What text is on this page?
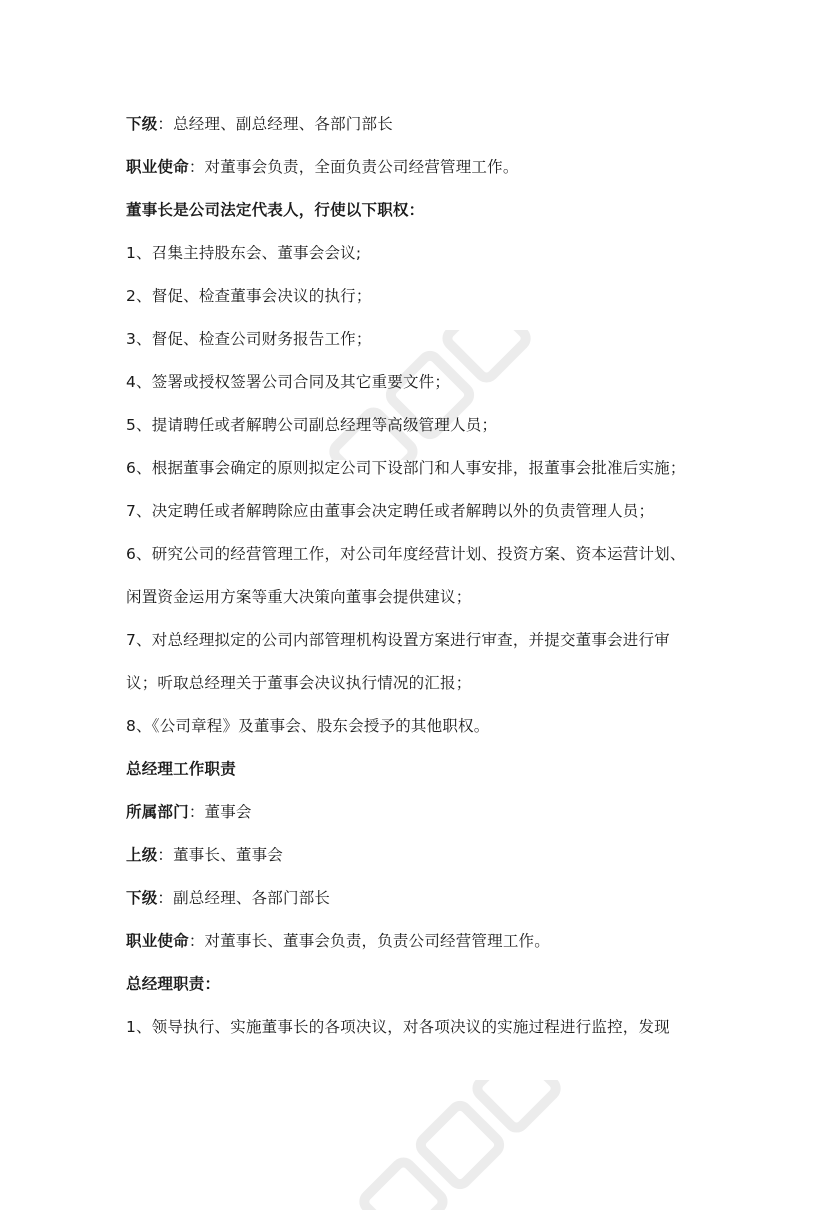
下级：总经理、副总经理、各部门部长
职业使命：对董事会负责，全面负责公司经营管理工作。
董事长是公司法定代表人，行使以下职权：
1、召集主持股东会、董事会会议;
2、督促、检查董事会决议的执行；
3、督促、检查公司财务报告工作；
4、签署或授权签署公司合同及其它重要文件；
5、提请聘任或者解聘公司副总经理等高级管理人员；
6、根据董事会确定的原则拟定公司下设部门和人事安排，报董事会批准后实施；
7、决定聘任或者解聘除应由董事会决定聘任或者解聘以外的负责管理人员；
6、研究公司的经营管理工作，对公司年度经营计划、投资方案、资本运营计划、
闲置资金运用方案等重大决策向董事会提供建议；
7、对总经理拟定的公司内部管理机构设置方案进行审查，并提交董事会进行审
议；听取总经理关于董事会决议执行情况的汇报；
8、《公司章程》及董事会、股东会授予的其他职权。
总经理工作职责
所属部门：董事会
上级：董事长、董事会
下级：副总经理、各部门部长
职业使命：对董事长、董事会负责，负责公司经营管理工作。
总经理职责：
1、领导执行、实施董事长的各项决议，对各项决议的实施过程进行监控，发现
